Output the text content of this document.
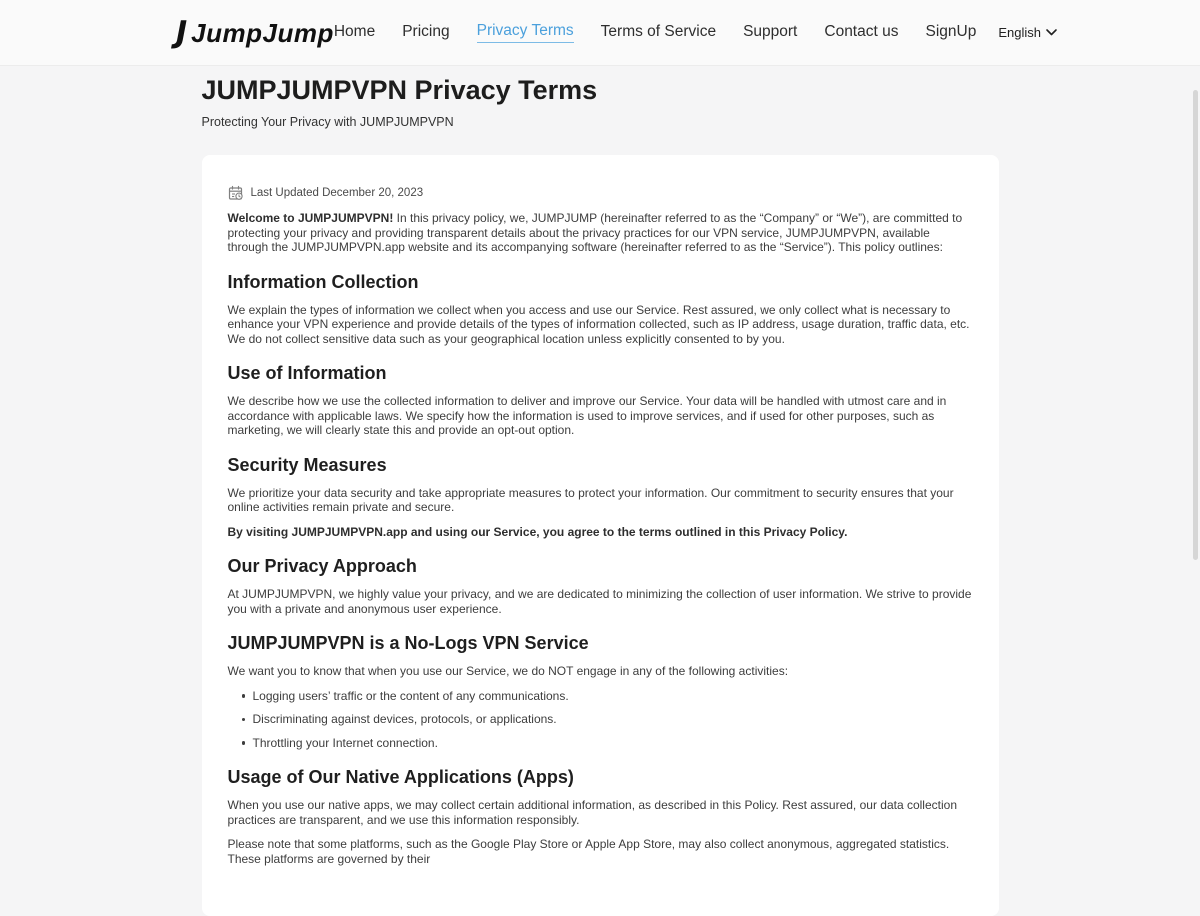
J JumpJump Home Pricing Privacy Terms Terms of Service Support Contact us SignUp English
JUMPJUMPVPN Privacy Terms
Protecting Your Privacy with JUMPJUMPVPN
Last Updated December 20, 2023

Welcome to JUMPJUMPVPN! In this privacy policy, we, JUMPJUMP (hereinafter referred to as the “Company” or “We”), are committed to protecting your privacy and providing transparent details about the privacy practices for our VPN service, JUMPJUMPVPN, available through the JUMPJUMPVPN.app website and its accompanying software (hereinafter referred to as the “Service”). This policy outlines:

Information Collection

We explain the types of information we collect when you access and use our Service. Rest assured, we only collect what is necessary to enhance your VPN experience and provide details of the types of information collected, such as IP address, usage duration, traffic data, etc. We do not collect sensitive data such as your geographical location unless explicitly consented to by you.

Use of Information

We describe how we use the collected information to deliver and improve our Service. Your data will be handled with utmost care and in accordance with applicable laws. We specify how the information is used to improve services, and if used for other purposes, such as marketing, we will clearly state this and provide an opt-out option.

Security Measures

We prioritize your data security and take appropriate measures to protect your information. Our commitment to security ensures that your online activities remain private and secure.

By visiting JUMPJUMPVPN.app and using our Service, you agree to the terms outlined in this Privacy Policy.

Our Privacy Approach

At JUMPJUMPVPN, we highly value your privacy, and we are dedicated to minimizing the collection of user information. We strive to provide you with a private and anonymous user experience.

JUMPJUMPVPN is a No-Logs VPN Service

We want you to know that when you use our Service, we do NOT engage in any of the following activities:

Logging users’ traffic or the content of any communications.
Discriminating against devices, protocols, or applications.
Throttling your Internet connection.
Usage of Our Native Applications (Apps)

When you use our native apps, we may collect certain additional information, as described in this Policy. Rest assured, our data collection practices are transparent, and we use this information responsibly.

Please note that some platforms, such as the Google Play Store or Apple App Store, may also collect anonymous, aggregated statistics. These platforms are governed by their
